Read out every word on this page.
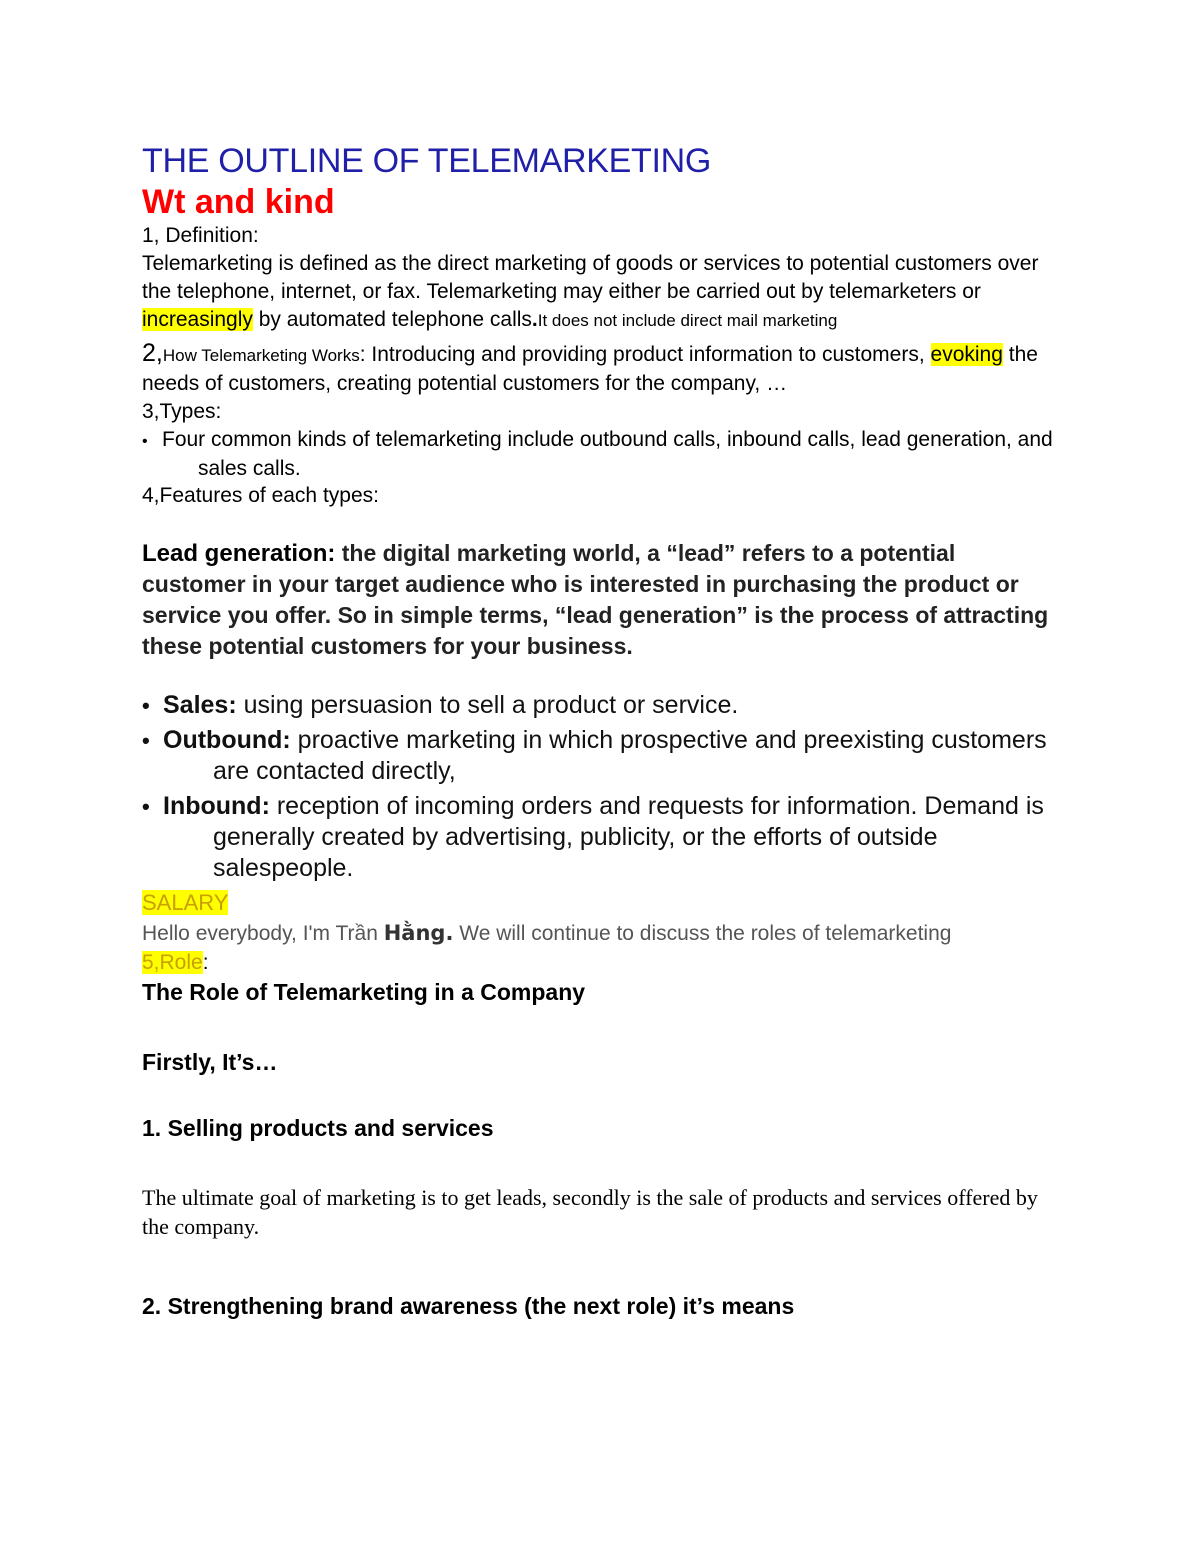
THE OUTLINE OF TELEMARKETING
Wt and kind

1, Definition:

Telemarketing is defined as the direct marketing of goods or services to potential customers over the telephone, internet, or fax. Telemarketing may either be carried out by telemarketers or increasingly by automated telephone calls.It does not include direct mail marketing

2,How Telemarketing Works: Introducing and providing product information to customers, evoking the needs of customers, creating potential customers for the company, …

3,Types:

• Four common kinds of telemarketing include outbound calls, inbound calls, lead generation, and sales calls.

4,Features of each types:

Lead generation: the digital marketing world, a “lead” refers to a potential customer in your target audience who is interested in purchasing the product or service you offer. So in simple terms, “lead generation” is the process of attracting these potential customers for your business.

• Sales: using persuasion to sell a product or service.

• Outbound: proactive marketing in which prospective and preexisting customers are contacted directly,

• Inbound: reception of incoming orders and requests for information. Demand is generally created by advertising, publicity, or the efforts of outside salespeople.

SALARY

Hello everybody, I'm Trần Hằng. We will continue to discuss the roles of telemarketing

5,Role:

The Role of Telemarketing in a Company

Firstly, It’s…

1. Selling products and services

The ultimate goal of marketing is to get leads, secondly is the sale of products and services offered by the company.

2. Strengthening brand awareness (the next role) it’s means
